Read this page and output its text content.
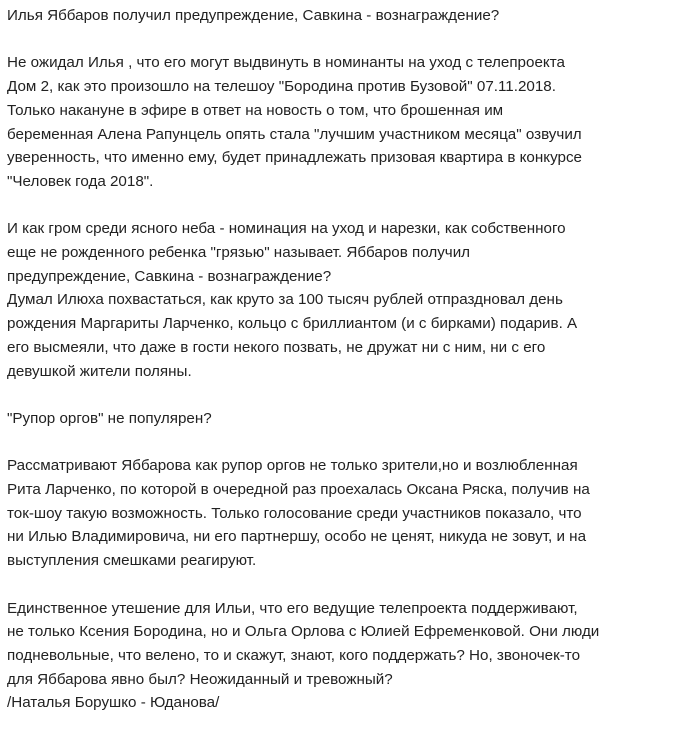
Илья Яббаров получил предупреждение, Савкина - вознаграждение?

Не ожидал Илья , что его могут выдвинуть в номинанты на уход с телепроекта

Дом 2, как это произошло на телешоу "Бородина против Бузовой" 07.11.2018.

Только накануне в эфире в ответ на новость о том, что брошенная им

беременная Алена Рапунцель опять стала "лучшим участником месяца" озвучил

уверенность, что именно ему, будет принадлежать призовая квартира в конкурсе

"Человек года 2018".

И как гром среди ясного неба - номинация на уход и нарезки, как собственного

еще не рожденного ребенка "грязью" называет. Яббаров получил

предупреждение, Савкина - вознаграждение?

Думал Илюха похвастаться, как круто за 100 тысяч рублей отпраздновал день

рождения Маргариты Ларченко, кольцо с бриллиантом (и с бирками) подарив. А

его высмеяли, что даже в гости некого позвать, не дружат ни с ним, ни с его

девушкой жители поляны.

"Рупор оргов" не популярен?

Рассматривают Яббарова как рупор оргов не только зрители,но и возлюбленная

Рита Ларченко, по которой в очередной раз проехалась Оксана Ряска, получив на

ток-шоу такую возможность. Только голосование среди участников показало, что

ни Илью Владимировича, ни его партнершу, особо не ценят, никуда не зовут, и на

выступления смешками реагируют.

Единственное утешение для Ильи, что его ведущие телепроекта поддерживают,

не только Ксения Бородина, но и Ольга Орлова с Юлией Ефременковой. Они люди

подневольные, что велено, то и скажут, знают, кого поддержать? Но, звоночек-то

для Яббарова явно был? Неожиданный и тревожный?

/Наталья Борушко - Юданова/
